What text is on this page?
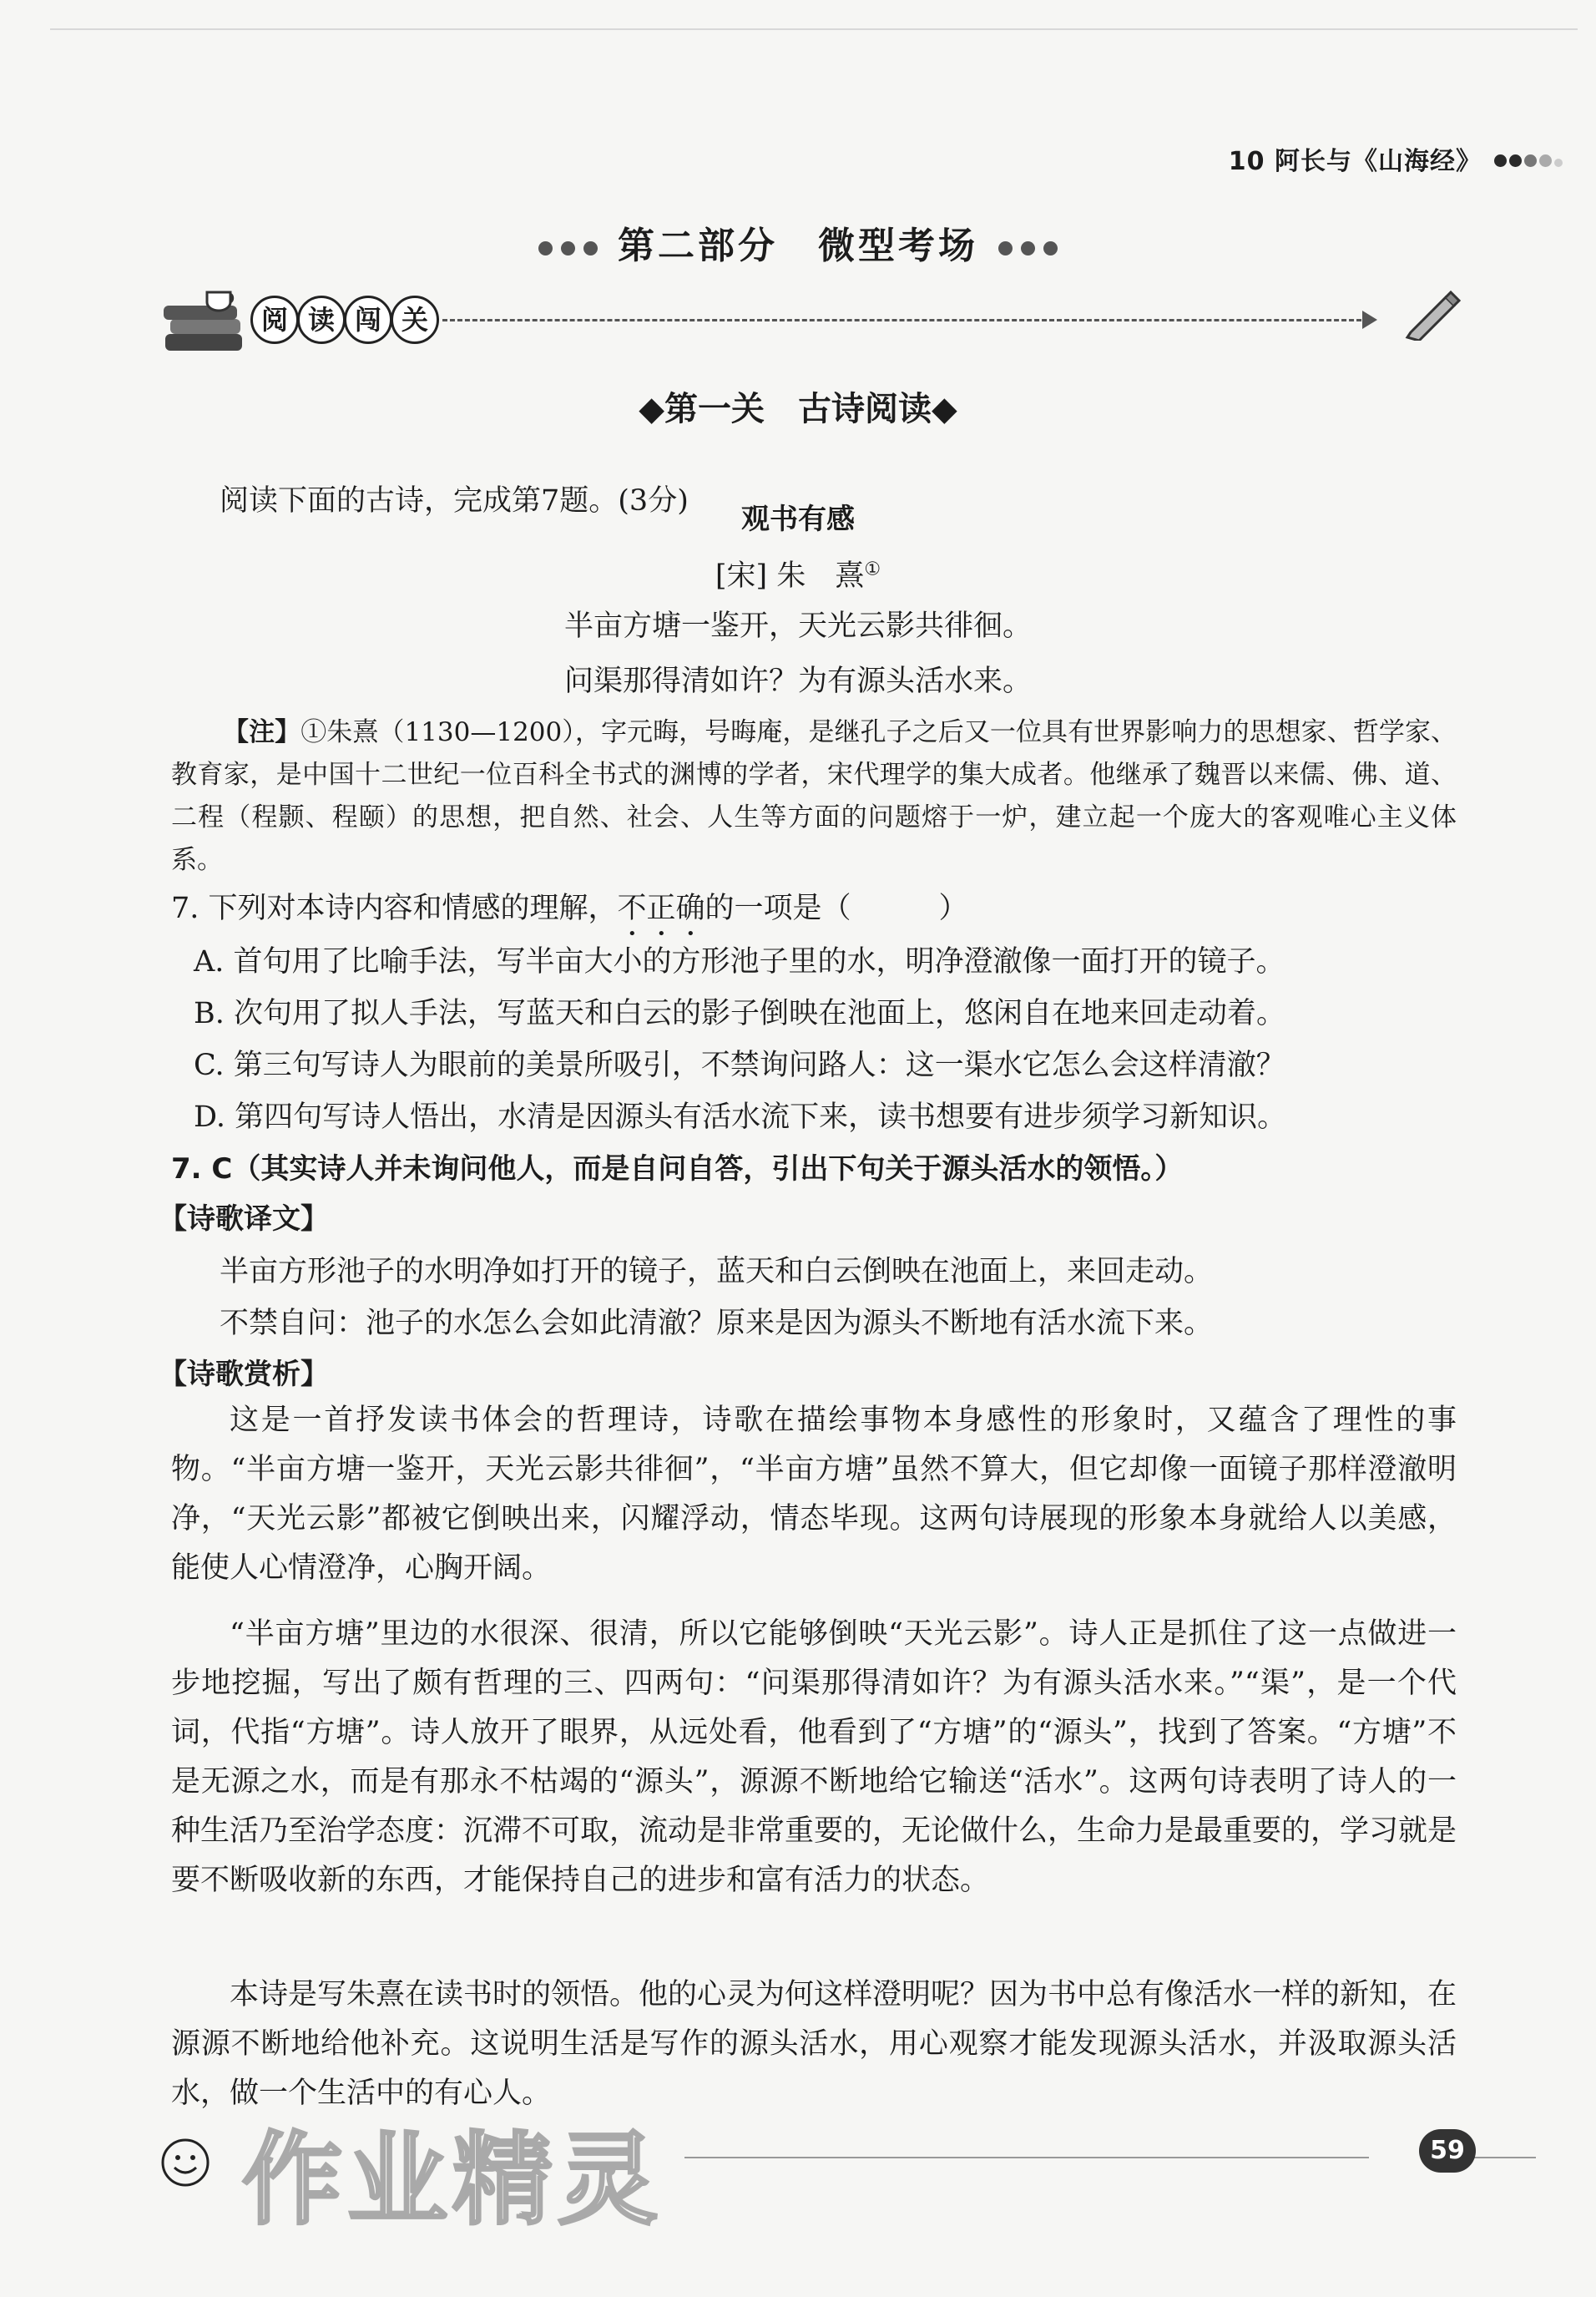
10 阿长与《山海经》
第二部分　微型考场
阅 读 闯 关
◆第一关　古诗阅读◆
阅读下面的古诗，完成第7题。(3分)
观书有感
[宋] 朱　熹①
半亩方塘一鉴开，天光云影共徘徊。
问渠那得清如许？为有源头活水来。
【注】①朱熹（1130—1200），字元晦，号晦庵，是继孔子之后又一位具有世界影响力的思想家、哲学家、教育家，是中国十二世纪一位百科全书式的渊博的学者，宋代理学的集大成者。他继承了魏晋以来儒、佛、道、二程（程颢、程颐）的思想，把自然、社会、人生等方面的问题熔于一炉，建立起一个庞大的客观唯心主义体系。
7. 下列对本诗内容和情感的理解，不正确的一项是（　　　）
A. 首句用了比喻手法，写半亩大小的方形池子里的水，明净澄澈像一面打开的镜子。
B. 次句用了拟人手法，写蓝天和白云的影子倒映在池面上，悠闲自在地来回走动着。
C. 第三句写诗人为眼前的美景所吸引，不禁询问路人：这一渠水它怎么会这样清澈？
D. 第四句写诗人悟出，水清是因源头有活水流下来，读书想要有进步须学习新知识。
7. C（其实诗人并未询问他人，而是自问自答，引出下句关于源头活水的领悟。）
【诗歌译文】
半亩方形池子的水明净如打开的镜子，蓝天和白云倒映在池面上，来回走动。
不禁自问：池子的水怎么会如此清澈？原来是因为源头不断地有活水流下来。
【诗歌赏析】
这是一首抒发读书体会的哲理诗，诗歌在描绘事物本身感性的形象时，又蕴含了理性的事物。“半亩方塘一鉴开，天光云影共徘徊”，“半亩方塘”虽然不算大，但它却像一面镜子那样澄澈明净，“天光云影”都被它倒映出来，闪耀浮动，情态毕现。这两句诗展现的形象本身就给人以美感，能使人心情澄净，心胸开阔。
“半亩方塘”里边的水很深、很清，所以它能够倒映“天光云影”。诗人正是抓住了这一点做进一步地挖掘，写出了颇有哲理的三、四两句：“问渠那得清如许？为有源头活水来。”“渠”，是一个代词，代指“方塘”。诗人放开了眼界，从远处看，他看到了“方塘”的“源头”，找到了答案。“方塘”不是无源之水，而是有那永不枯竭的“源头”，源源不断地给它输送“活水”。这两句诗表明了诗人的一种生活乃至治学态度：沉滞不可取，流动是非常重要的，无论做什么，生命力是最重要的，学习就是要不断吸收新的东西，才能保持自己的进步和富有活力的状态。
本诗是写朱熹在读书时的领悟。他的心灵为何这样澄明呢？因为书中总有像活水一样的新知，在源源不断地给他补充。这说明生活是写作的源头活水，用心观察才能发现源头活水，并汲取源头活水，做一个生活中的有心人。
作业精灵	59
